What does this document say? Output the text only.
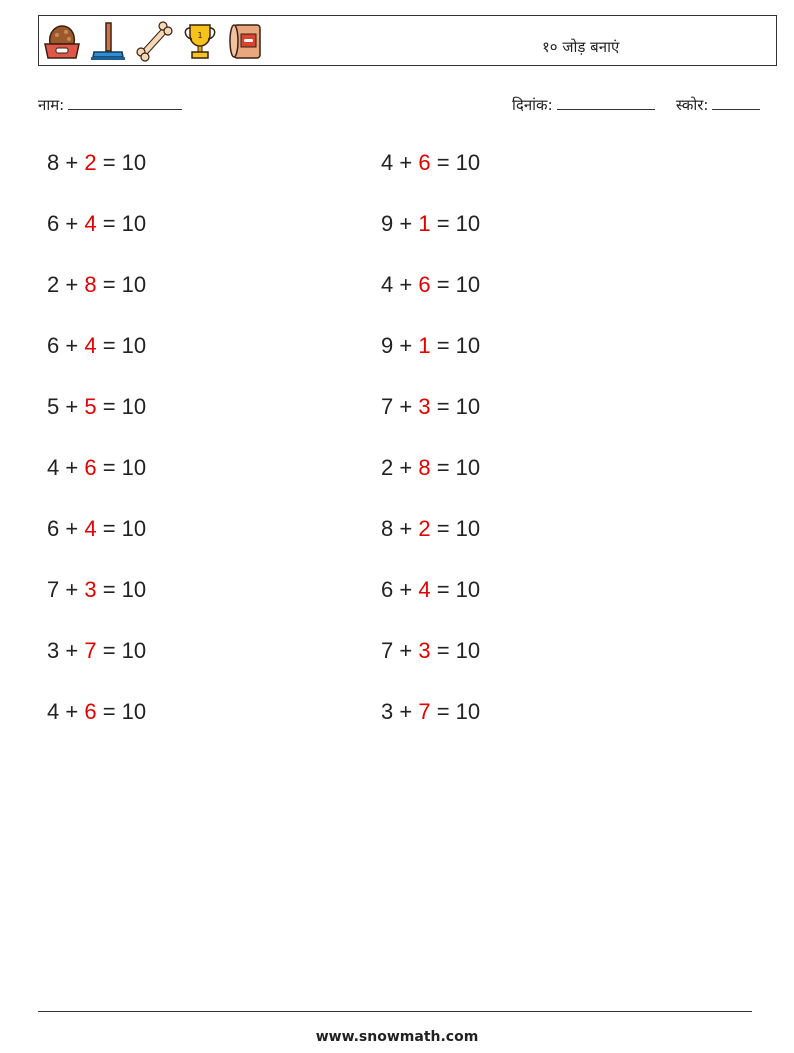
1
१० जोड़ बनाएं
नाम:	दिनांक:	स्कोर:
8 + 2 = 10
6 + 4 = 10
2 + 8 = 10
6 + 4 = 10
5 + 5 = 10
4 + 6 = 10
6 + 4 = 10
7 + 3 = 10
3 + 7 = 10
4 + 6 = 10
4 + 6 = 10
9 + 1 = 10
4 + 6 = 10
9 + 1 = 10
7 + 3 = 10
2 + 8 = 10
8 + 2 = 10
6 + 4 = 10
7 + 3 = 10
3 + 7 = 10
www.snowmath.com
